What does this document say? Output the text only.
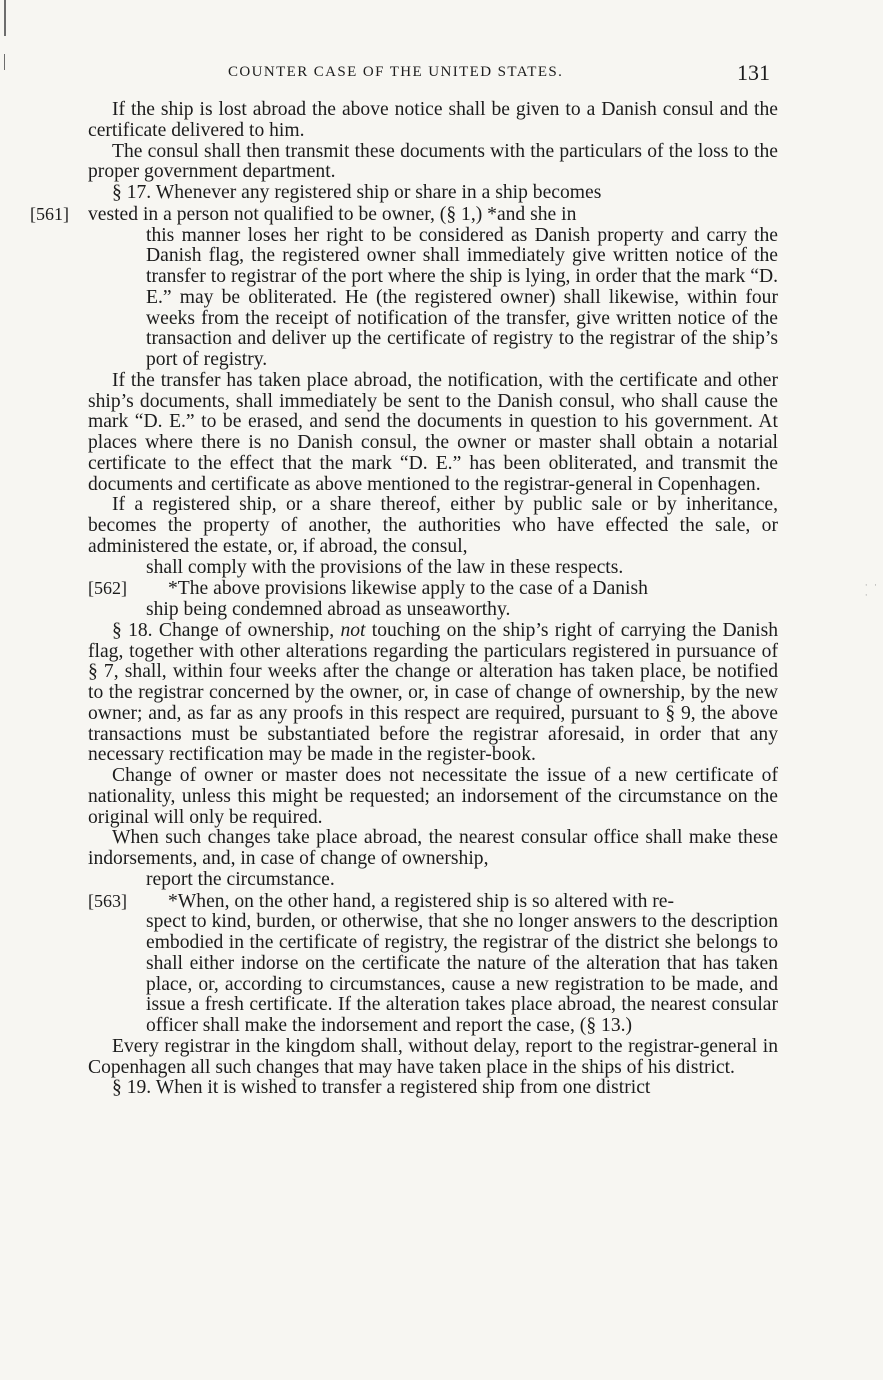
COUNTER CASE OF THE UNITED STATES.	131

If the ship is lost abroad the above notice shall be given to a Danish consul and the certificate delivered to him.

The consul shall then transmit these documents with the particulars of the loss to the proper government department.

§ 17. Whenever any registered ship or share in a ship becomes

[561] vested in a person not qualified to be owner, (§ 1,) *and she in

this manner loses her right to be considered as Danish property and carry the Danish flag, the registered owner shall immediately give written notice of the transfer to registrar of the port where the ship is lying, in order that the mark “D. E.” may be obliterated. He (the registered owner) shall likewise, within four weeks from the receipt of notification of the transfer, give written notice of the transaction and deliver up the certificate of registry to the registrar of the ship’s port of registry.

If the transfer has taken place abroad, the notification, with the certificate and other ship’s documents, shall immediately be sent to the Danish consul, who shall cause the mark “D. E.” to be erased, and send the documents in question to his government. At places where there is no Danish consul, the owner or master shall obtain a notarial certificate to the effect that the mark “D. E.” has been obliterated, and transmit the documents and certificate as above mentioned to the registrar-general in Copenhagen.

If a registered ship, or a share thereof, either by public sale or by inheritance, becomes the property of another, the authorities who have effected the sale, or administered the estate, or, if abroad, the consul,

shall comply with the provisions of the law in these respects.

[562] *The above provisions likewise apply to the case of a Danish

ship being condemned abroad as unseaworthy.

§ 18. Change of ownership, not touching on the ship’s right of carrying the Danish flag, together with other alterations regarding the particulars registered in pursuance of § 7, shall, within four weeks after the change or alteration has taken place, be notified to the registrar concerned by the owner, or, in case of change of ownership, by the new owner; and, as far as any proofs in this respect are required, pursuant to § 9, the above transactions must be substantiated before the registrar aforesaid, in order that any necessary rectification may be made in the register-book.

Change of owner or master does not necessitate the issue of a new certificate of nationality, unless this might be requested; an indorsement of the circumstance on the original will only be required.

When such changes take place abroad, the nearest consular office shall make these indorsements, and, in case of change of ownership,

report the circumstance.

[563] *When, on the other hand, a registered ship is so altered with re-

spect to kind, burden, or otherwise, that she no longer answers to the description embodied in the certificate of registry, the registrar of the district she belongs to shall either indorse on the certificate the nature of the alteration that has taken place, or, according to circumstances, cause a new registration to be made, and issue a fresh certificate. If the alteration takes place abroad, the nearest consular officer shall make the indorsement and report the case, (§ 13.)

Every registrar in the kingdom shall, without delay, report to the registrar-general in Copenhagen all such changes that may have taken place in the ships of his district.

§ 19. When it is wished to transfer a registered ship from one district

· ·
·
